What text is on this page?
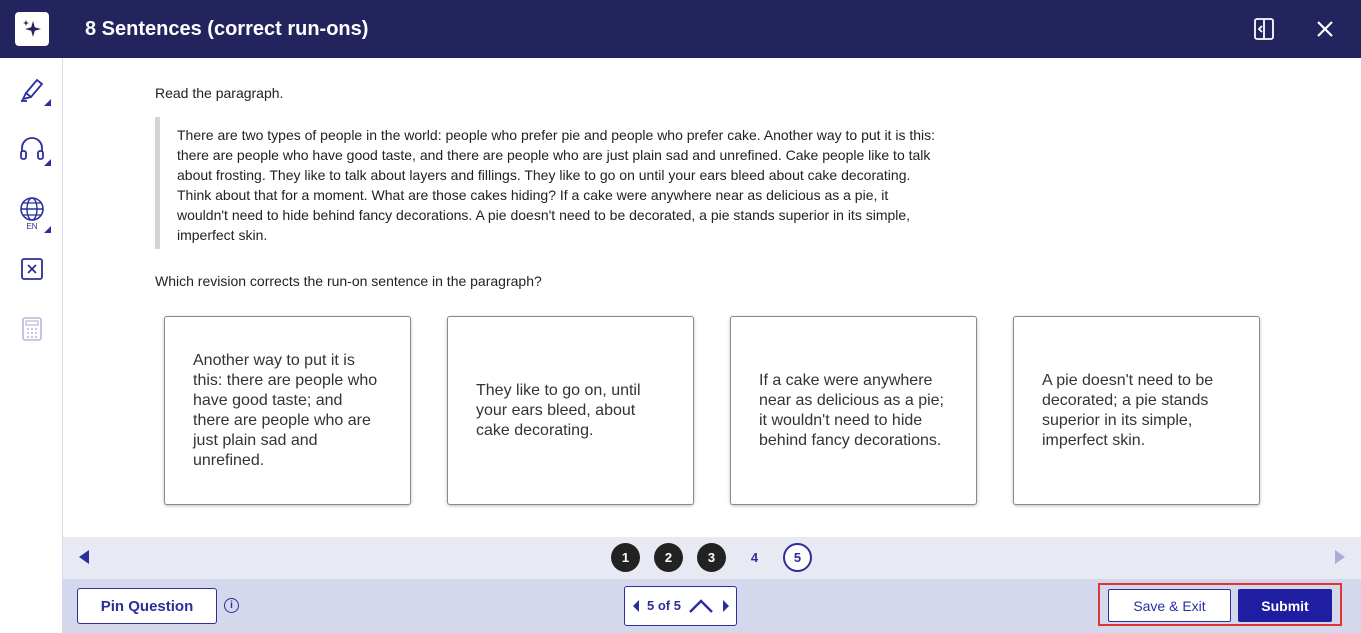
8 Sentences (correct run-ons)
EN
Read the paragraph.
There are two types of people in the world: people who prefer pie and people who prefer cake. Another way to put it is this: there are people who have good taste, and there are people who are just plain sad and unrefined. Cake people like to talk about frosting. They like to talk about layers and fillings. They like to go on until your ears bleed about cake decorating. Think about that for a moment. What are those cakes hiding? If a cake were anywhere near as delicious as a pie, it wouldn't need to hide behind fancy decorations. A pie doesn't need to be decorated, a pie stands superior in its simple, imperfect skin.
Which revision corrects the run-on sentence in the paragraph?
Another way to put it is this: there are people who have good taste; and there are people who are just plain sad and unrefined.
They like to go on, until your ears bleed, about cake decorating.
If a cake were anywhere near as delicious as a pie; it wouldn't need to hide behind fancy decorations.
A pie doesn't need to be decorated; a pie stands superior in its simple, imperfect skin.
1	2	3	4	5
Pin Question	i	5 of 5	Save & Exit	Submit
